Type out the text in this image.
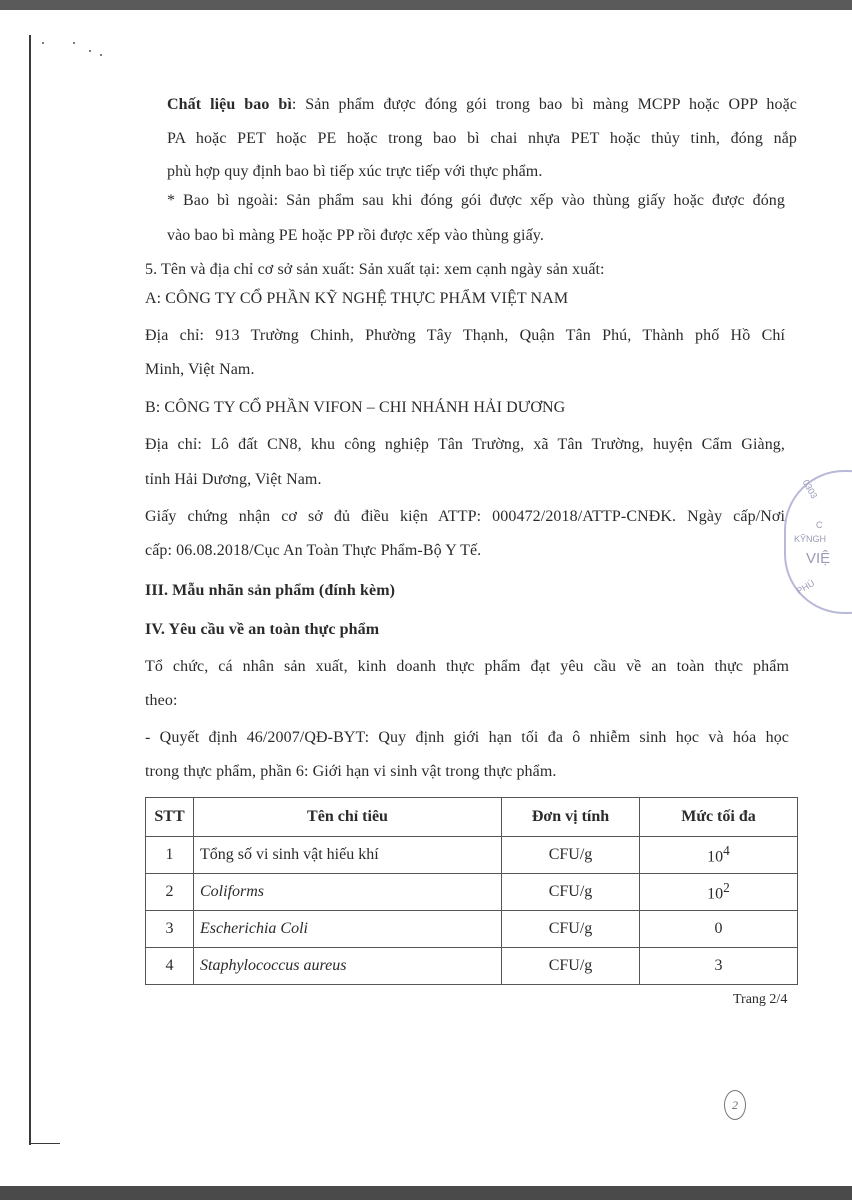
0303
C
KỸNGH
VIỆ
PHÚ
Chất liệu bao bì: Sản phẩm được đóng gói trong bao bì màng MCPP hoặc OPP hoặc
PA hoặc PET hoặc PE hoặc trong bao bì chai nhựa PET hoặc thủy tinh, đóng nắp
phù hợp quy định bao bì tiếp xúc trực tiếp với thực phẩm.
* Bao bì ngoài: Sản phẩm sau khi đóng gói được xếp vào thùng giấy hoặc được đóng
vào bao bì màng PE hoặc PP rồi được xếp vào thùng giấy.
5. Tên và địa chỉ cơ sở sản xuất: Sản xuất tại: xem cạnh ngày sản xuất:
A: CÔNG TY CỔ PHẦN KỸ NGHỆ THỰC PHẨM VIỆT NAM
Địa chỉ: 913 Trường Chinh, Phường Tây Thạnh, Quận Tân Phú, Thành phố Hồ Chí
Minh, Việt Nam.
B: CÔNG TY CỔ PHẦN VIFON – CHI NHÁNH HẢI DƯƠNG
Địa chỉ: Lô đất CN8, khu công nghiệp Tân Trường, xã Tân Trường, huyện Cẩm Giàng,
tỉnh Hải Dương, Việt Nam.
Giấy chứng nhận cơ sở đủ điều kiện ATTP: 000472/2018/ATTP-CNĐK. Ngày cấp/Nơi
cấp: 06.08.2018/Cục An Toàn Thực Phẩm-Bộ Y Tế.
III. Mẫu nhãn sản phẩm (đính kèm)
IV. Yêu cầu về an toàn thực phẩm
Tổ chức, cá nhân sản xuất, kinh doanh thực phẩm đạt yêu cầu về an toàn thực phẩm
theo:
- Quyết định 46/2007/QĐ-BYT: Quy định giới hạn tối đa ô nhiễm sinh học và hóa học
trong thực phẩm, phần 6: Giới hạn vi sinh vật trong thực phẩm.
STT	Tên chỉ tiêu	Đơn vị tính	Mức tối đa
1	Tổng số vi sinh vật hiếu khí	CFU/g	$10^4$
2	Coliforms	CFU/g	$10^2$
3	Escherichia Coli	CFU/g	0
4	Staphylococcus aureus	CFU/g	3
Trang 2/4
2
